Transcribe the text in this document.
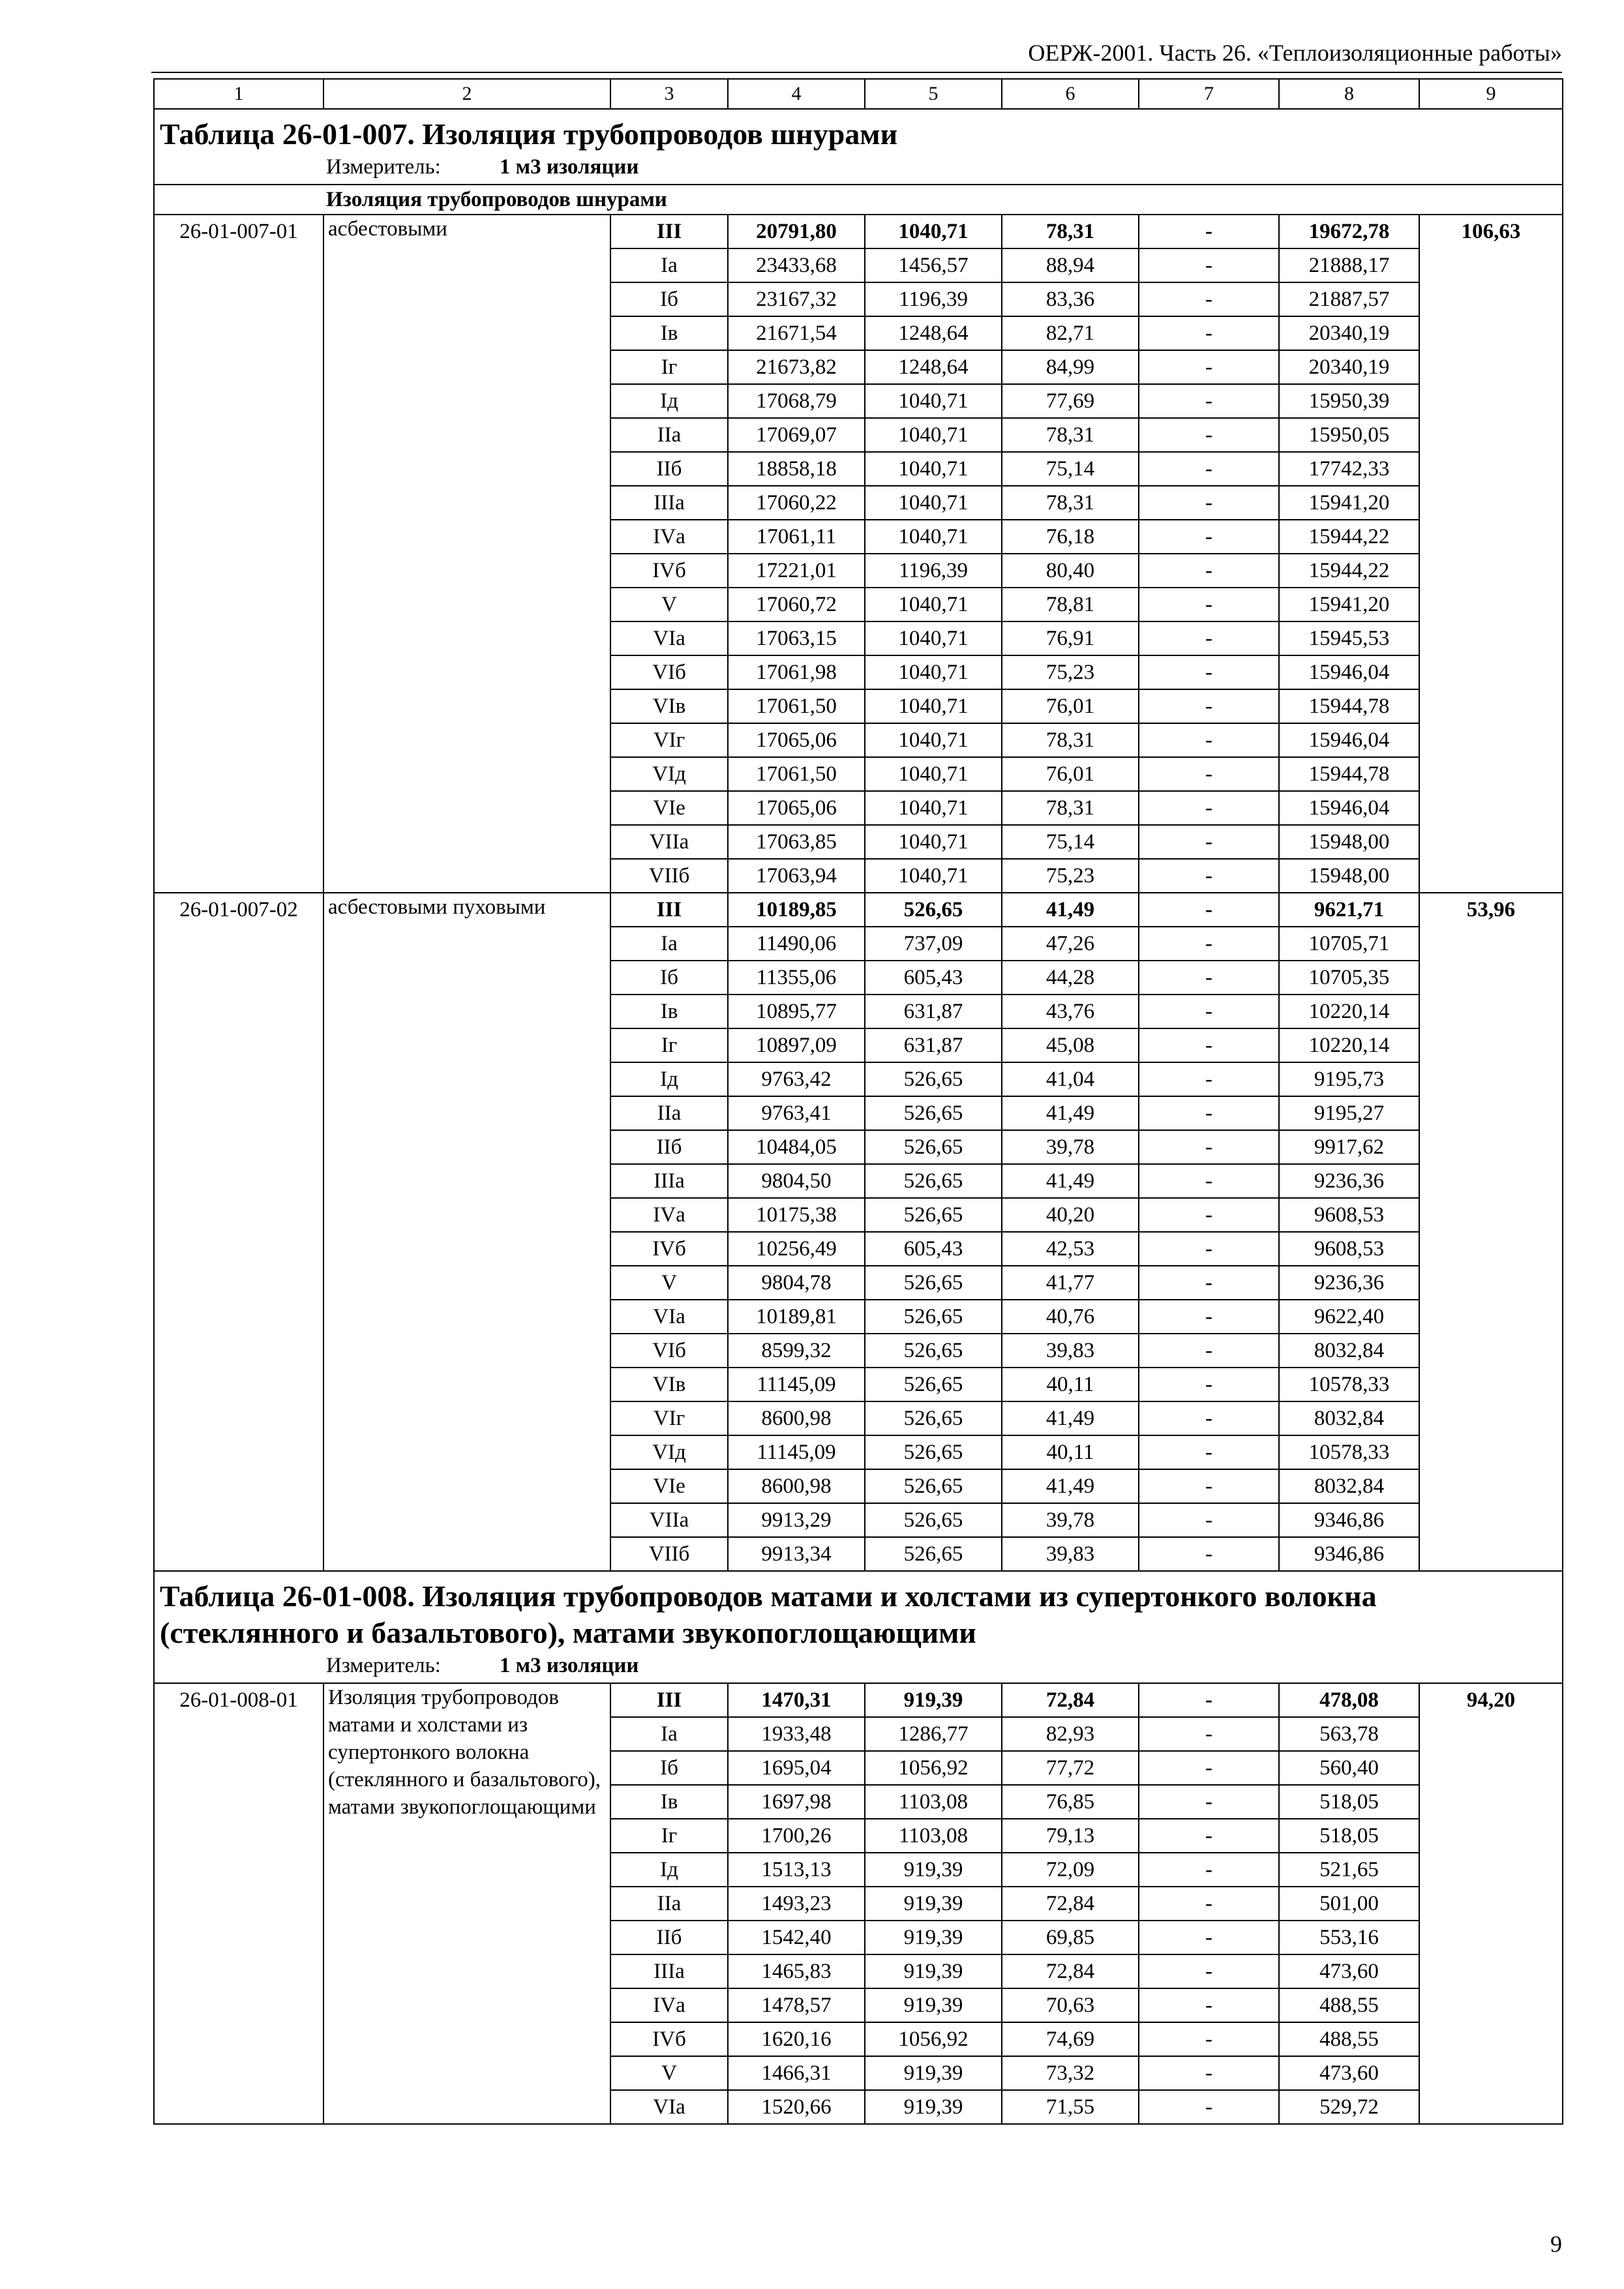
ОЕРЖ-2001. Часть 26. «Теплоизоляционные работы»
1	2	3	4	5	6	7	8	9

Таблица 26-01-007. Изоляция трубопроводов шнурами
Измеритель: 1 м3 изоляции								

Изоляция трубопроводов шнурами								
26-01-007-01	асбестовыми	III	20791,80	1040,71	78,31	-	19672,78	106,63
		Iа	23433,68	1456,57	88,94	-	21888,17	
		Iб	23167,32	1196,39	83,36	-	21887,57	
		Iв	21671,54	1248,64	82,71	-	20340,19	
		Iг	21673,82	1248,64	84,99	-	20340,19	
		Iд	17068,79	1040,71	77,69	-	15950,39	
		IIа	17069,07	1040,71	78,31	-	15950,05	
		IIб	18858,18	1040,71	75,14	-	17742,33	
		IIIа	17060,22	1040,71	78,31	-	15941,20	
		IVа	17061,11	1040,71	76,18	-	15944,22	
		IVб	17221,01	1196,39	80,40	-	15944,22	
		V	17060,72	1040,71	78,81	-	15941,20	
		VIа	17063,15	1040,71	76,91	-	15945,53	
		VIб	17061,98	1040,71	75,23	-	15946,04	
		VIв	17061,50	1040,71	76,01	-	15944,78	
		VIг	17065,06	1040,71	78,31	-	15946,04	
		VIд	17061,50	1040,71	76,01	-	15944,78	
		VIе	17065,06	1040,71	78,31	-	15946,04	
		VIIа	17063,85	1040,71	75,14	-	15948,00	
		VIIб	17063,94	1040,71	75,23	-	15948,00	
26-01-007-02	асбестовыми пуховыми	III	10189,85	526,65	41,49	-	9621,71	53,96
		Iа	11490,06	737,09	47,26	-	10705,71	
		Iб	11355,06	605,43	44,28	-	10705,35	
		Iв	10895,77	631,87	43,76	-	10220,14	
		Iг	10897,09	631,87	45,08	-	10220,14	
		Iд	9763,42	526,65	41,04	-	9195,73	
		IIа	9763,41	526,65	41,49	-	9195,27	
		IIб	10484,05	526,65	39,78	-	9917,62	
		IIIа	9804,50	526,65	41,49	-	9236,36	
		IVа	10175,38	526,65	40,20	-	9608,53	
		IVб	10256,49	605,43	42,53	-	9608,53	
		V	9804,78	526,65	41,77	-	9236,36	
		VIа	10189,81	526,65	40,76	-	9622,40	
		VIб	8599,32	526,65	39,83	-	8032,84	
		VIв	11145,09	526,65	40,11	-	10578,33	
		VIг	8600,98	526,65	41,49	-	8032,84	
		VIд	11145,09	526,65	40,11	-	10578,33	
		VIе	8600,98	526,65	41,49	-	8032,84	
		VIIа	9913,29	526,65	39,78	-	9346,86	
		VIIб	9913,34	526,65	39,83	-	9346,86	

Таблица 26-01-008. Изоляция трубопроводов матами и холстами из супертонкого волокна (стеклянного и базальтового), матами звукопоглощающими
Измеритель: 1 м3 изоляции								

26-01-008-01	Изоляция трубопроводов матами и холстами из супертонкого волокна (стеклянного и базальтового), матами звукопоглощающими	III	1470,31	919,39	72,84	-	478,08	94,20
		Iа	1933,48	1286,77	82,93	-	563,78	
		Iб	1695,04	1056,92	77,72	-	560,40	
		Iв	1697,98	1103,08	76,85	-	518,05	
		Iг	1700,26	1103,08	79,13	-	518,05	
		Iд	1513,13	919,39	72,09	-	521,65	
		IIа	1493,23	919,39	72,84	-	501,00	
		IIб	1542,40	919,39	69,85	-	553,16	
		IIIа	1465,83	919,39	72,84	-	473,60	
		IVа	1478,57	919,39	70,63	-	488,55	
		IVб	1620,16	1056,92	74,69	-	488,55	
		V	1466,31	919,39	73,32	-	473,60	
		VIа	1520,66	919,39	71,55	-	529,72	
9
